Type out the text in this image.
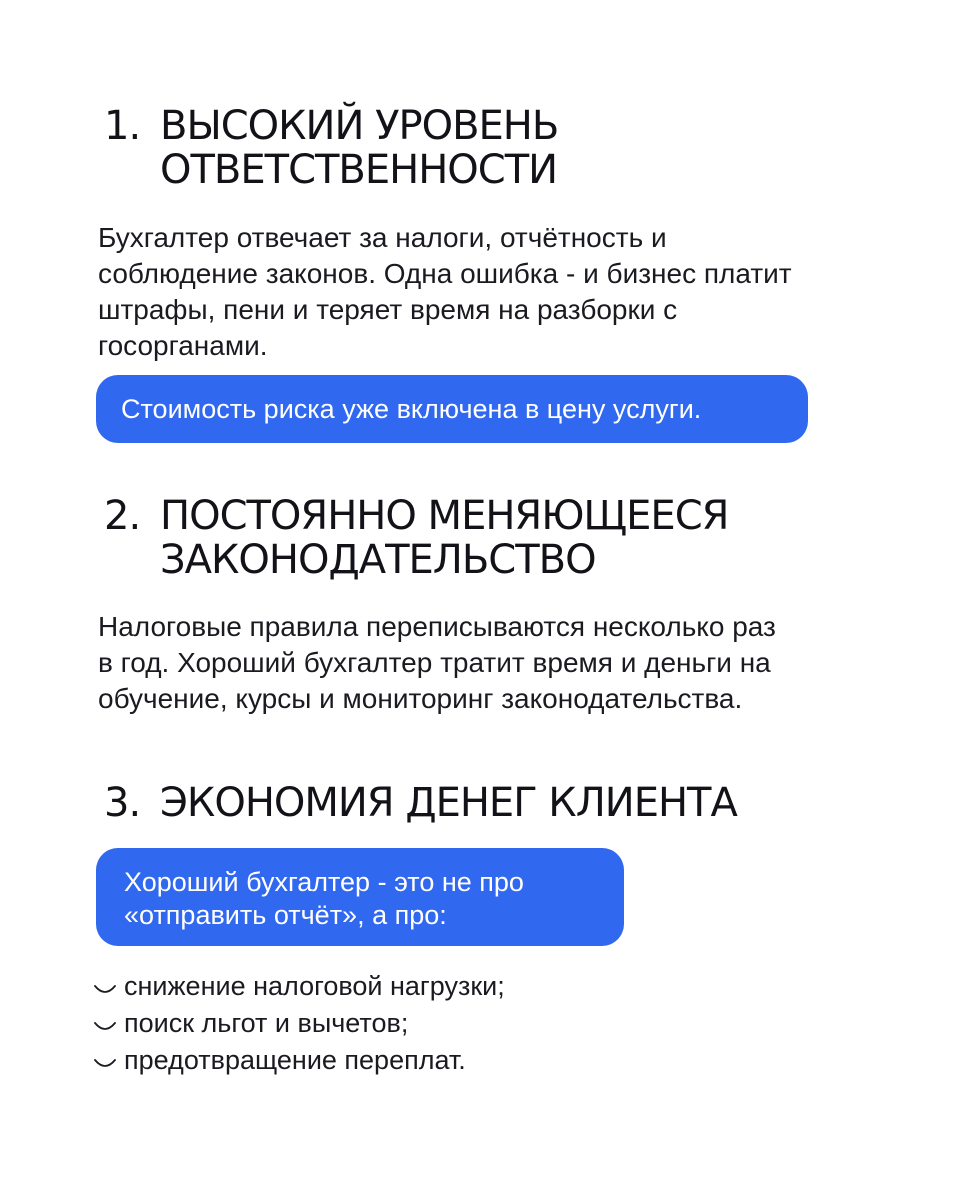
1. ВЫСОКИЙ УРОВЕНЬ
ОТВЕТСТВЕННОСТИ

Бухгалтер отвечает за налоги, отчётность и
соблюдение законов. Одна ошибка - и бизнес платит
штрафы, пени и теряет время на разборки с
госорганами.

Стоимость риска уже включена в цену услуги.
2. ПОСТОЯННО МЕНЯЮЩЕЕСЯ
ЗАКОНОДАТЕЛЬСТВО

Налоговые правила переписываются несколько раз
в год. Хороший бухгалтер тратит время и деньги на
обучение, курсы и мониторинг законодательства.

3. ЭКОНОМИЯ ДЕНЕГ КЛИЕНТА
Хороший бухгалтер - это не про
«отправить отчёт», а про:
снижение налоговой нагрузки;
поиск льгот и вычетов;
предотвращение переплат.
